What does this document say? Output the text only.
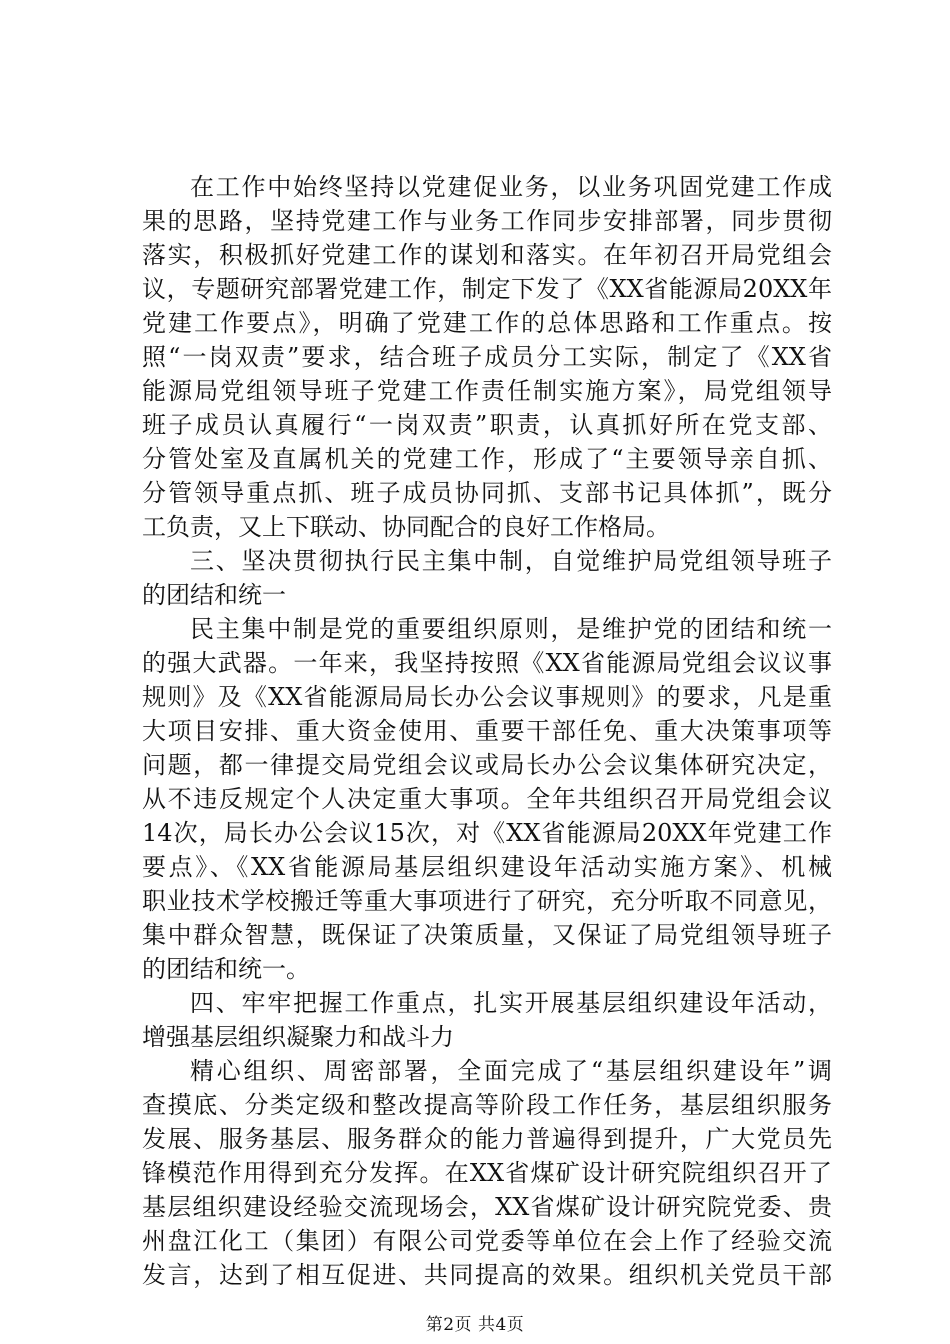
在工作中始终坚持以党建促业务，以业务巩固党建工作成
果的思路，坚持党建工作与业务工作同步安排部署，同步贯彻
落实，积极抓好党建工作的谋划和落实。在年初召开局党组会
议，专题研究部署党建工作，制定下发了《XX省能源局20XX年
党建工作要点》，明确了党建工作的总体思路和工作重点。按
照“一岗双责”要求，结合班子成员分工实际，制定了《XX省
能源局党组领导班子党建工作责任制实施方案》，局党组领导
班子成员认真履行“一岗双责”职责，认真抓好所在党支部、
分管处室及直属机关的党建工作，形成了“主要领导亲自抓、
分管领导重点抓、班子成员协同抓、支部书记具体抓”，既分
工负责，又上下联动、协同配合的良好工作格局。
三、坚决贯彻执行民主集中制，自觉维护局党组领导班子
的团结和统一
民主集中制是党的重要组织原则，是维护党的团结和统一
的强大武器。一年来，我坚持按照《XX省能源局党组会议议事
规则》及《XX省能源局局长办公会议事规则》的要求，凡是重
大项目安排、重大资金使用、重要干部任免、重大决策事项等
问题，都一律提交局党组会议或局长办公会议集体研究决定，
从不违反规定个人决定重大事项。全年共组织召开局党组会议
14次，局长办公会议15次，对《XX省能源局20XX年党建工作
要点》、《XX省能源局基层组织建设年活动实施方案》、机械
职业技术学校搬迁等重大事项进行了研究，充分听取不同意见，
集中群众智慧，既保证了决策质量，又保证了局党组领导班子
的团结和统一。
四、牢牢把握工作重点，扎实开展基层组织建设年活动，
增强基层组织凝聚力和战斗力
精心组织、周密部署，全面完成了“基层组织建设年”调
查摸底、分类定级和整改提高等阶段工作任务，基层组织服务
发展、服务基层、服务群众的能力普遍得到提升，广大党员先
锋模范作用得到充分发挥。在XX省煤矿设计研究院组织召开了
基层组织建设经验交流现场会，XX省煤矿设计研究院党委、贵
州盘江化工（集团）有限公司党委等单位在会上作了经验交流
发言，达到了相互促进、共同提高的效果。组织机关党员干部
第2页 共4页
